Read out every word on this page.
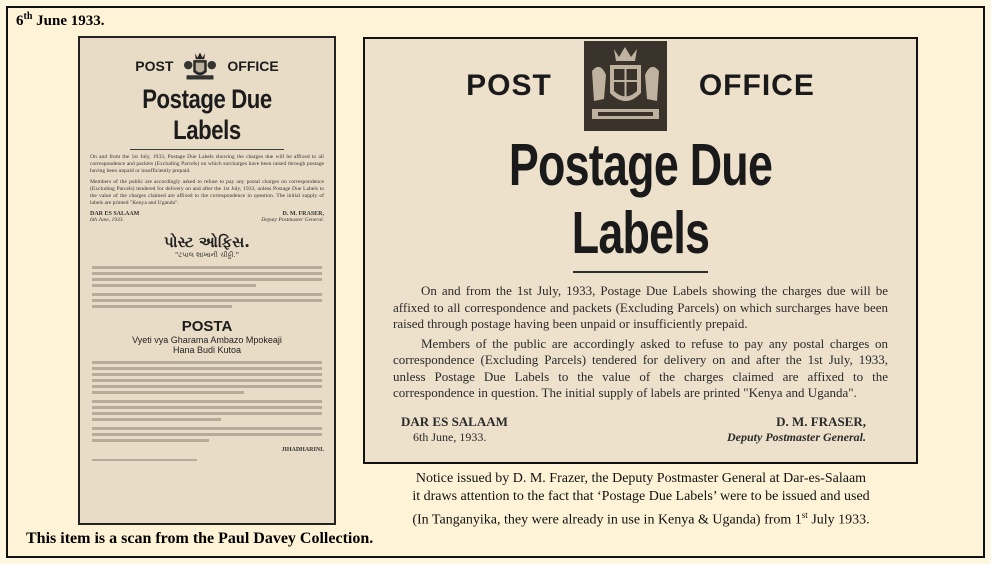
6th June 1933.
POST	OFFICE
Postage Due Labels
On and from the 1st July, 1933, Postage Due Labels showing the charges due will be affixed to all correspondence and packets (Excluding Parcels) on which surcharges have been raised through postage having been unpaid or insufficiently prepaid.
Members of the public are accordingly asked to refuse to pay any postal charges on correspondence (Excluding Parcels) tendered for delivery on and after the 1st July, 1933, unless Postage Due Labels to the value of the charges claimed are affixed to the correspondence in question. The initial supply of labels are printed "Kenya and Uganda".
DAR ES SALAAM	D. M. FRASER,
6th June, 1933.	Deputy Postmaster General.
પોસ્ટ ઓફિસ.
"ટપાલ શાખાની ચીઠ્ઠી."
POSTA
Vyeti vya Gharama Ambazo Mpokeaji
Hana Budi Kutoa
JIHADHARINI.
POST	OFFICE
Postage Due Labels
On and from the 1st July, 1933, Postage Due Labels showing the charges due will be affixed to all correspondence and packets (Excluding Parcels) on which surcharges have been raised through postage having been unpaid or insufficiently prepaid.
Members of the public are accordingly asked to refuse to pay any postal charges on correspondence (Excluding Parcels) tendered for delivery on and after the 1st July, 1933, unless Postage Due Labels to the value of the charges claimed are affixed to the correspondence in question. The initial supply of labels are printed "Kenya and Uganda".
DAR ES SALAAM	D. M. FRASER,
6th June, 1933.	Deputy Postmaster General.
Notice issued by D. M. Frazer, the Deputy Postmaster General at Dar-es-Salaam
it draws attention to the fact that ‘Postage Due Labels’ were to be issued and used
(In Tanganyika, they were already in use in Kenya & Uganda) from 1st July 1933.
This item is a scan from the Paul Davey Collection.
